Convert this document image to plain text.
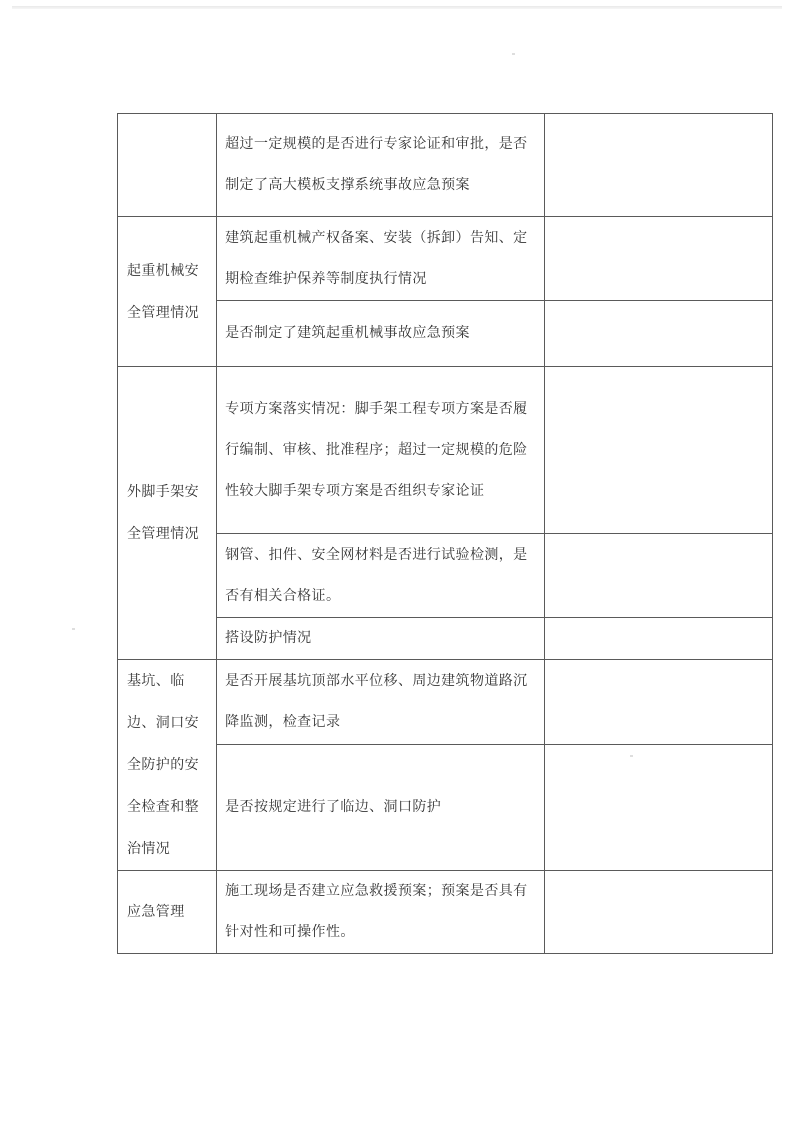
	超过一定规模的是否进行专家论证和审批，是否制定了高大模板支撑系统事故应急预案	
起重机械安全管理情况	建筑起重机械产权备案、安装（拆卸）告知、定期检查维护保养等制度执行情况	
	是否制定了建筑起重机械事故应急预案	
外脚手架安全管理情况	专项方案落实情况：脚手架工程专项方案是否履行编制、审核、批准程序；超过一定规模的危险性较大脚手架专项方案是否组织专家论证	
	钢管、扣件、安全网材料是否进行试验检测，是否有相关合格证。	
	搭设防护情况	
基坑、临边、洞口安全防护的安全检查和整治情况	是否开展基坑顶部水平位移、周边建筑物道路沉降监测，检查记录	
	是否按规定进行了临边、洞口防护	
应急管理	施工现场是否建立应急救援预案；预案是否具有针对性和可操作性。	
